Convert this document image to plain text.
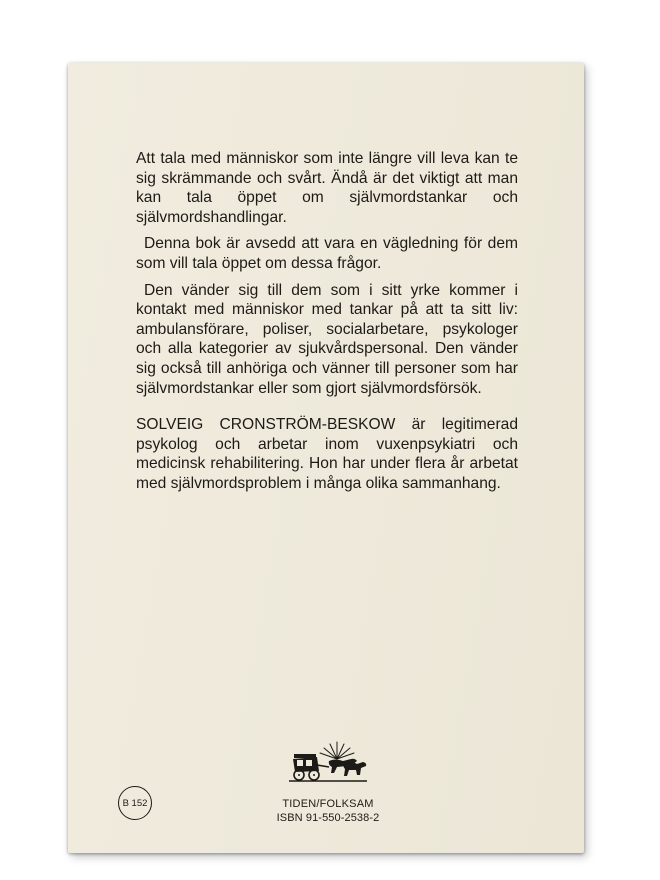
Att tala med människor som inte längre vill leva kan te sig skrämmande och svårt. Ändå är det viktigt att man kan tala öppet om självmordstankar och självmordshandlingar.

Denna bok är avsedd att vara en vägledning för dem som vill tala öppet om dessa frågor.

Den vänder sig till dem som i sitt yrke kommer i kontakt med människor med tankar på att ta sitt liv: ambulansförare, poliser, socialarbetare, psykologer och alla kategorier av sjukvårdspersonal. Den vänder sig också till anhöriga och vänner till personer som har självmordstankar eller som gjort självmordsförsök.

SOLVEIG CRONSTRÖM-BESKOW är legitimerad psykolog och arbetar inom vuxenpsykiatri och medicinsk rehabilitering. Hon har under flera år arbetat med självmordsproblem i många olika sammanhang.

B 152	TIDEN/FOLKSAM
ISBN 91-550-2538-2
